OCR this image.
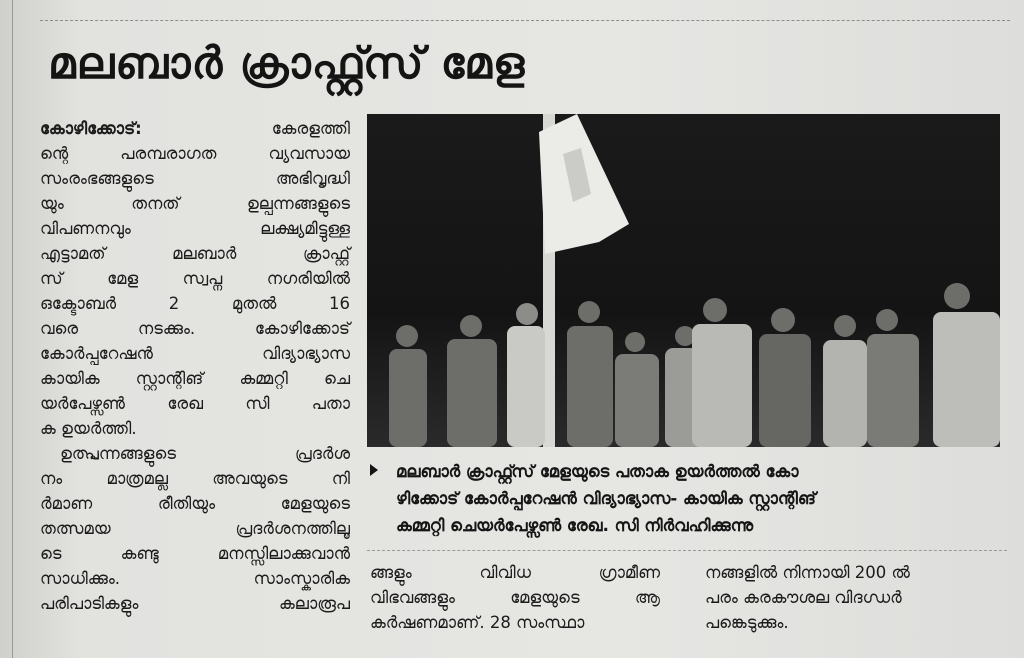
മലബാർ ക്രാഫ്റ്റ്സ് മേള
കോഴിക്കോട്:	കേരളത്തി
ന്റെ പരമ്പരാഗത വ്യവസായ
സംരംഭങ്ങളുടെ അഭിവൃദ്ധി
യും തനത് ഉല്പന്നങ്ങളുടെ
വിപണനവും ലക്ഷ്യമിട്ടുള്ള
എട്ടാമത് മലബാർ ക്രാഫ്റ്റ്
സ് മേള സ്വപ്ന നഗരിയിൽ
ഒക്ടോബർ 2 മുതൽ 16
വരെ നടക്കും. കോഴിക്കോട്
കോർപ്പറേഷൻ വിദ്യാഭ്യാസ
കായിക സ്റ്റാന്റിങ് കമ്മറ്റി ചെ
യർപേഴ്സൺ രേഖ സി പതാ
ക ഉയർത്തി.
ഉത്പ്പന്നങ്ങളുടെ പ്രദർശ
നം മാത്രമല്ല അവയുടെ നി
ർമാണ രീതിയും മേളയുടെ
തത്സമയ പ്രദർശനത്തിലൂ
ടെ കണ്ടു മനസ്സിലാക്കുവാൻ
സാധിക്കും. സാംസ്കാരിക
പരിപാടികളും കലാരൂപ
മലബാർ ക്രാഫ്റ്റ്സ് മേളയുടെ പതാക ഉയർത്തൽ കോ
ഴിക്കോട് കോർപ്പറേഷൻ വിദ്യാഭ്യാസ- കായിക സ്റ്റാന്റിങ്
കമ്മറ്റി ചെയർപേഴ്സൺ രേഖ. സി നിർവഹിക്കുന്നു
ങ്ങളും വിവിധ ഗ്രാമീണ
വിഭവങ്ങളും മേളയുടെ ആ
കർഷണമാണ്. 28 സംസ്ഥാ
നങ്ങളിൽ നിന്നായി 200 ൽ
പരം കരകൗശല വിദഗ്ധർ
പങ്കെടുക്കും.
